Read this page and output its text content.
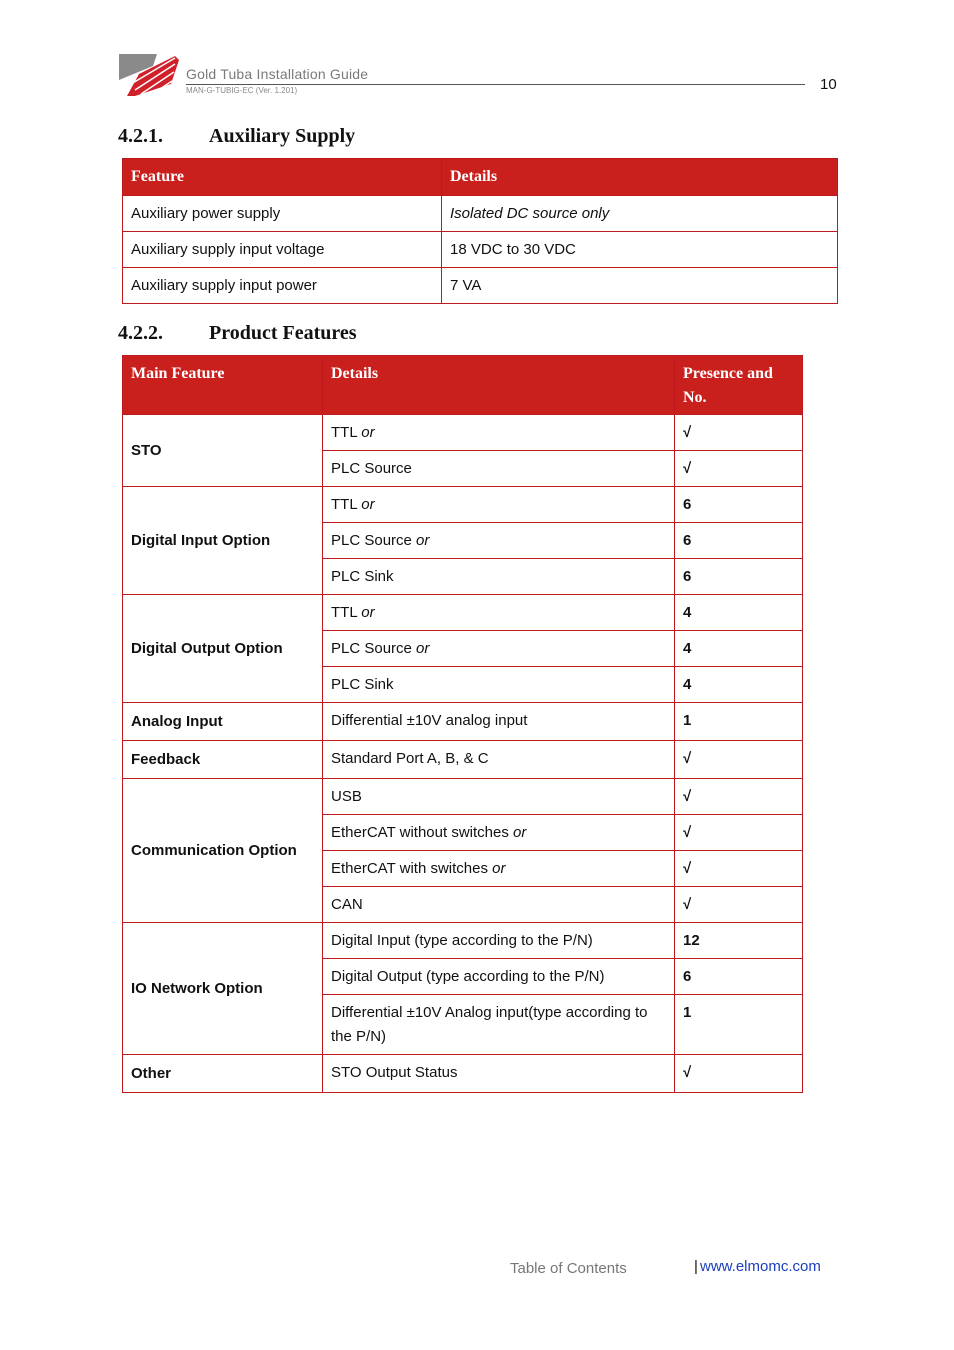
Gold Tuba Installation Guide
MAN-G-TUBIG-EC (Ver. 1.201)	10
4.2.1. Auxiliary Supply
Feature	Details
Auxiliary power supply	Isolated DC source only
Auxiliary supply input voltage	18 VDC to 30 VDC
Auxiliary supply input power	7 VA
4.2.2. Product Features
Main Feature	Details	Presence and No.
STO	TTL or	√
	PLC Source	√
Digital Input Option	TTL or	6
	PLC Source or	6
	PLC Sink	6
Digital Output Option	TTL or	4
	PLC Source or	4
	PLC Sink	4
Analog Input	Differential ±10V analog input	1
Feedback	Standard Port A, B, & C	√
Communication Option	USB	√
	EtherCAT without switches or	√
	EtherCAT with switches or	√
	CAN	√
IO Network Option	Digital Input (type according to the P/N)	12
	Digital Output (type according to the P/N)	6
	Differential ±10V Analog input(type according to the P/N)	1
Other	STO Output Status	√
Table of Contents	| www.elmomc.com
